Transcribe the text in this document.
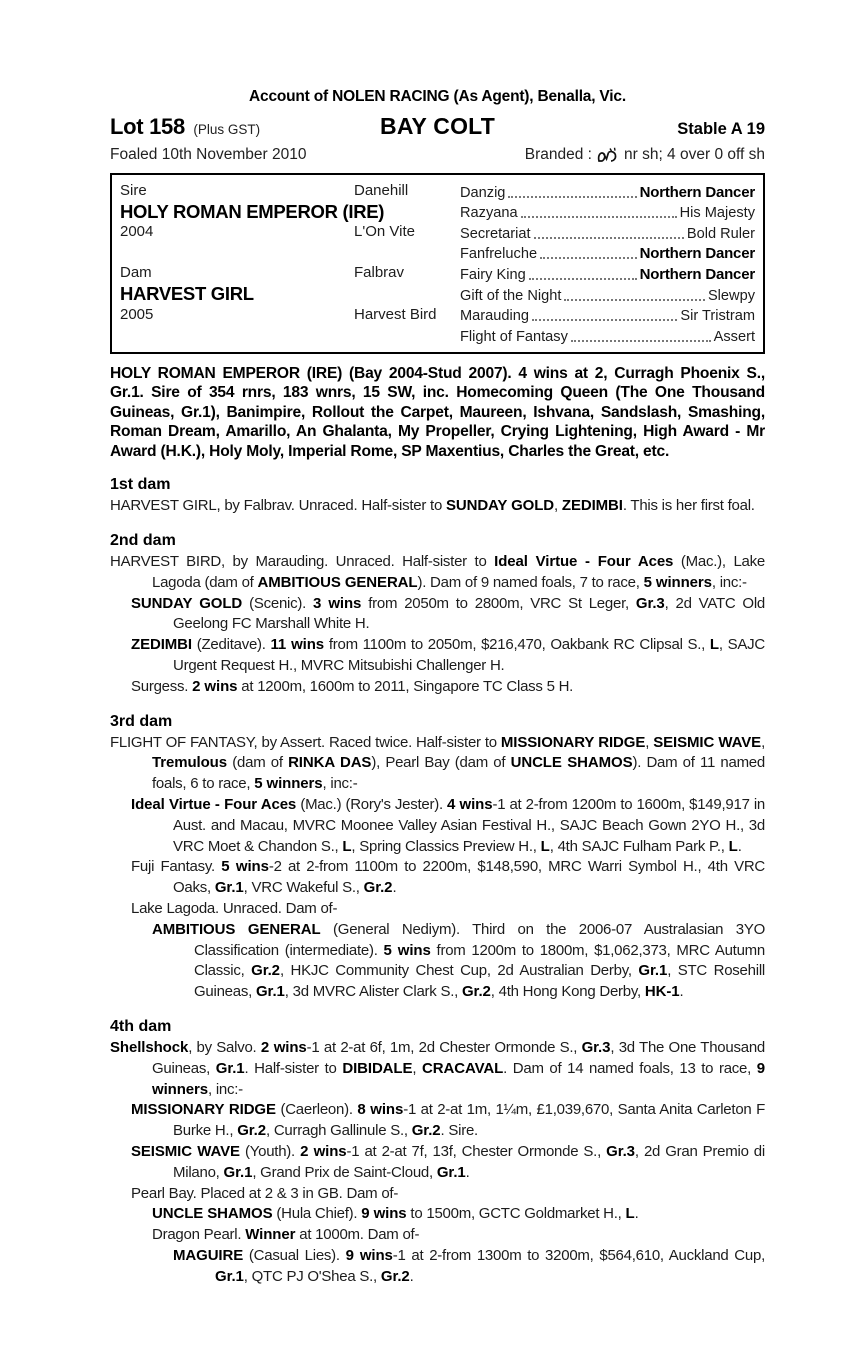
Account of NOLEN RACING (As Agent), Benalla, Vic.
Lot 158 (Plus GST)	BAY COLT	Stable A 19
Foaled 10th November 2010	Branded : nr sh; 4 over 0 off sh
Sire	Danehill
HOLY ROMAN EMPEROR (IRE)
2004	L'On Vite
Dam	Falbrav
HARVEST GIRL
2005	Harvest Bird
Danzig	Northern Dancer
Razyana	His Majesty
Secretariat	Bold Ruler
Fanfreluche	Northern Dancer
Fairy King	Northern Dancer
Gift of the Night	Slewpy
Marauding	Sir Tristram
Flight of Fantasy	Assert

HOLY ROMAN EMPEROR (IRE) (Bay 2004-Stud 2007). 4 wins at 2, Curragh Phoenix S., Gr.1. Sire of 354 rnrs, 183 wnrs, 15 SW, inc. Homecoming Queen (The One Thousand Guineas, Gr.1), Banimpire, Rollout the Carpet, Maureen, Ishvana, Sandslash, Smashing, Roman Dream, Amarillo, An Ghalanta, My Propeller, Crying Lightening, High Award - Mr Award (H.K.), Holy Moly, Imperial Rome, SP Maxentius, Charles the Great, etc.

1st dam

HARVEST GIRL, by Falbrav. Unraced. Half-sister to SUNDAY GOLD, ZEDIMBI. This is her first foal.

2nd dam

HARVEST BIRD, by Marauding. Unraced. Half-sister to Ideal Virtue - Four Aces (Mac.), Lake Lagoda (dam of AMBITIOUS GENERAL). Dam of 9 named foals, 7 to race, 5 winners, inc:-

SUNDAY GOLD (Scenic). 3 wins from 2050m to 2800m, VRC St Leger, Gr.3, 2d VATC Old Geelong FC Marshall White H.

ZEDIMBI (Zeditave). 11 wins from 1100m to 2050m, $216,470, Oakbank RC Clipsal S., L, SAJC Urgent Request H., MVRC Mitsubishi Challenger H.

Surgess. 2 wins at 1200m, 1600m to 2011, Singapore TC Class 5 H.

3rd dam

FLIGHT OF FANTASY, by Assert. Raced twice. Half-sister to MISSIONARY RIDGE, SEISMIC WAVE, Tremulous (dam of RINKA DAS), Pearl Bay (dam of UNCLE SHAMOS). Dam of 11 named foals, 6 to race, 5 winners, inc:-

Ideal Virtue - Four Aces (Mac.) (Rory's Jester). 4 wins-1 at 2-from 1200m to 1600m, $149,917 in Aust. and Macau, MVRC Moonee Valley Asian Festival H., SAJC Beach Gown 2YO H., 3d VRC Moet & Chandon S., L, Spring Classics Preview H., L, 4th SAJC Fulham Park P., L.

Fuji Fantasy. 5 wins-2 at 2-from 1100m to 2200m, $148,590, MRC Warri Symbol H., 4th VRC Oaks, Gr.1, VRC Wakeful S., Gr.2.

Lake Lagoda. Unraced. Dam of-

AMBITIOUS GENERAL (General Nediym). Third on the 2006-07 Australasian 3YO Classification (intermediate). 5 wins from 1200m to 1800m, $1,062,373, MRC Autumn Classic, Gr.2, HKJC Community Chest Cup, 2d Australian Derby, Gr.1, STC Rosehill Guineas, Gr.1, 3d MVRC Alister Clark S., Gr.2, 4th Hong Kong Derby, HK-1.

4th dam

Shellshock, by Salvo. 2 wins-1 at 2-at 6f, 1m, 2d Chester Ormonde S., Gr.3, 3d The One Thousand Guineas, Gr.1. Half-sister to DIBIDALE, CRACAVAL. Dam of 14 named foals, 13 to race, 9 winners, inc:-

MISSIONARY RIDGE (Caerleon). 8 wins-1 at 2-at 1m, 1¼m, £1,039,670, Santa Anita Carleton F Burke H., Gr.2, Curragh Gallinule S., Gr.2. Sire.

SEISMIC WAVE (Youth). 2 wins-1 at 2-at 7f, 13f, Chester Ormonde S., Gr.3, 2d Gran Premio di Milano, Gr.1, Grand Prix de Saint-Cloud, Gr.1.

Pearl Bay. Placed at 2 & 3 in GB. Dam of-

UNCLE SHAMOS (Hula Chief). 9 wins to 1500m, GCTC Goldmarket H., L.

Dragon Pearl. Winner at 1000m. Dam of-

MAGUIRE (Casual Lies). 9 wins-1 at 2-from 1300m to 3200m, $564,610, Auckland Cup, Gr.1, QTC PJ O'Shea S., Gr.2.
